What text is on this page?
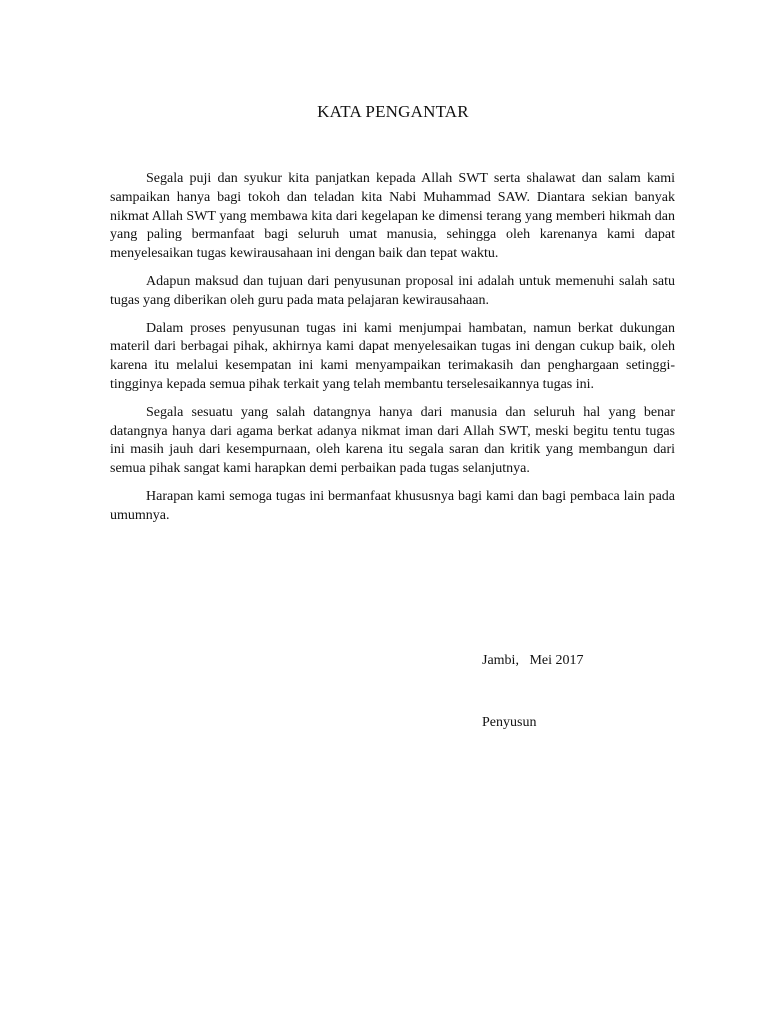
KATA PENGANTAR

Segala puji dan syukur kita panjatkan kepada Allah SWT serta shalawat dan salam kami sampaikan hanya bagi tokoh dan teladan kita Nabi Muhammad SAW. Diantara sekian banyak nikmat Allah SWT yang membawa kita dari kegelapan ke dimensi terang yang memberi hikmah dan yang paling bermanfaat bagi seluruh umat manusia, sehingga oleh karenanya kami dapat menyelesaikan tugas kewirausahaan ini dengan baik dan tepat waktu.

Adapun maksud dan tujuan dari penyusunan proposal ini adalah untuk memenuhi salah satu tugas yang diberikan oleh guru pada mata pelajaran kewirausahaan.

Dalam proses penyusunan tugas ini kami menjumpai hambatan, namun berkat dukungan materil dari berbagai pihak, akhirnya kami dapat menyelesaikan tugas ini dengan cukup baik, oleh karena itu melalui kesempatan ini kami menyampaikan terimakasih dan penghargaan setinggi-tingginya kepada semua pihak terkait yang telah membantu terselesaikannya tugas ini.

Segala sesuatu yang salah datangnya hanya dari manusia dan seluruh hal yang benar datangnya hanya dari agama berkat adanya nikmat iman dari Allah SWT, meski begitu tentu tugas ini masih jauh dari kesempurnaan, oleh karena itu segala saran dan kritik yang membangun dari semua pihak sangat kami harapkan demi perbaikan pada tugas selanjutnya.

Harapan kami semoga tugas ini bermanfaat khususnya bagi kami dan bagi pembaca lain pada umumnya.

Jambi,   Mei 2017

Penyusun
